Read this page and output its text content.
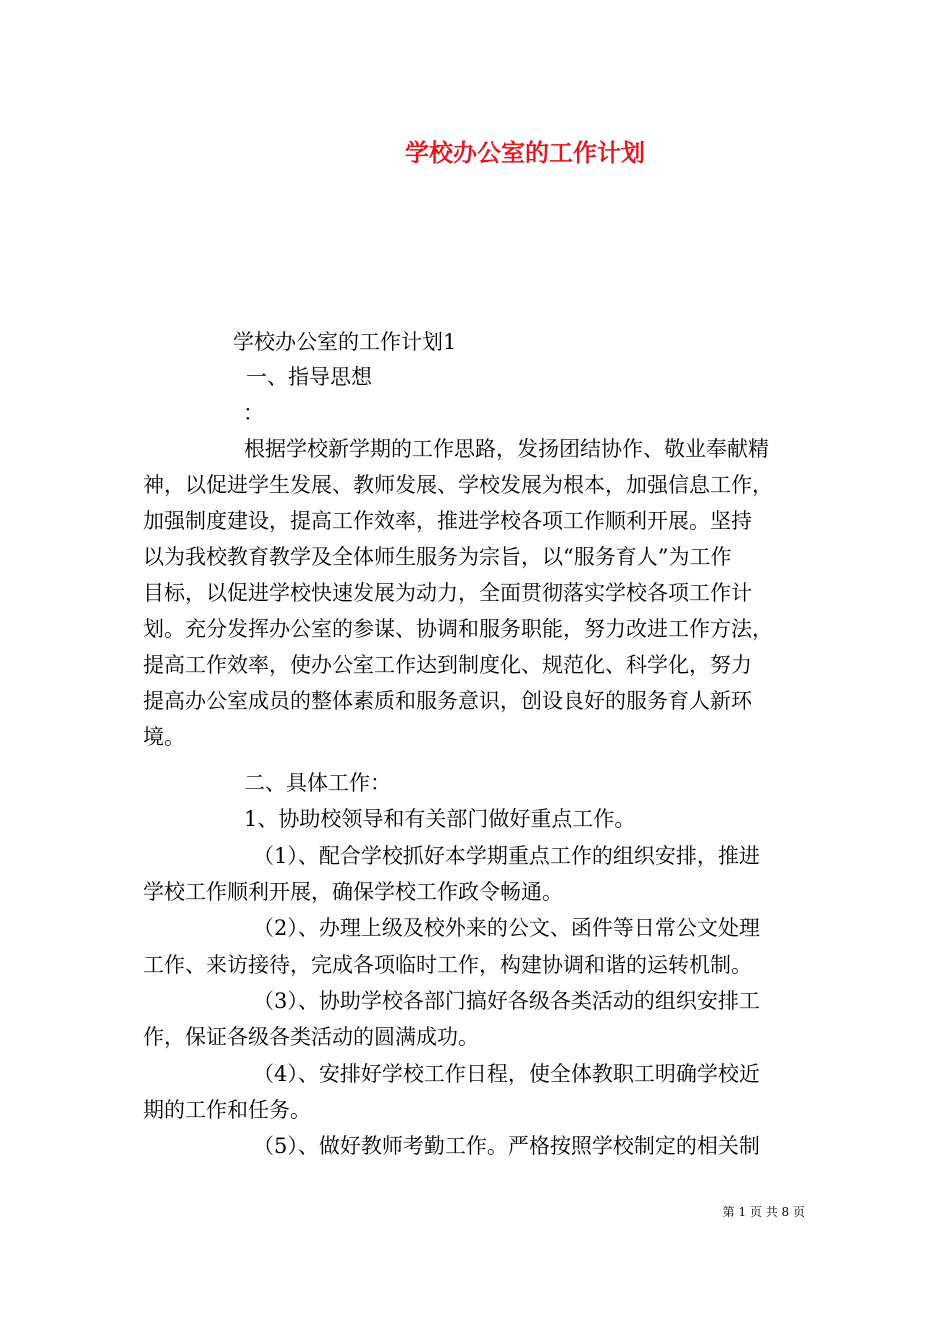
学校办公室的工作计划
学校办公室的工作计划1
一、指导思想
：
根据学校新学期的工作思路，发扬团结协作、敬业奉献精
神，以促进学生发展、教师发展、学校发展为根本，加强信息工作，
加强制度建设，提高工作效率，推进学校各项工作顺利开展。坚持
以为我校教育教学及全体师生服务为宗旨，以“服务育人”为工作
目标，以促进学校快速发展为动力，全面贯彻落实学校各项工作计
划。充分发挥办公室的参谋、协调和服务职能，努力改进工作方法，
提高工作效率，使办公室工作达到制度化、规范化、科学化，努力
提高办公室成员的整体素质和服务意识，创设良好的服务育人新环
境。
二、具体工作：
1、协助校领导和有关部门做好重点工作。
（1）、配合学校抓好本学期重点工作的组织安排，推进
学校工作顺利开展，确保学校工作政令畅通。
（2）、办理上级及校外来的公文、函件等日常公文处理
工作、来访接待，完成各项临时工作，构建协调和谐的运转机制。
（3）、协助学校各部门搞好各级各类活动的组织安排工
作，保证各级各类活动的圆满成功。
（4）、安排好学校工作日程，使全体教职工明确学校近
期的工作和任务。
（5）、做好教师考勤工作。严格按照学校制定的相关制
第 1 页 共 8 页
